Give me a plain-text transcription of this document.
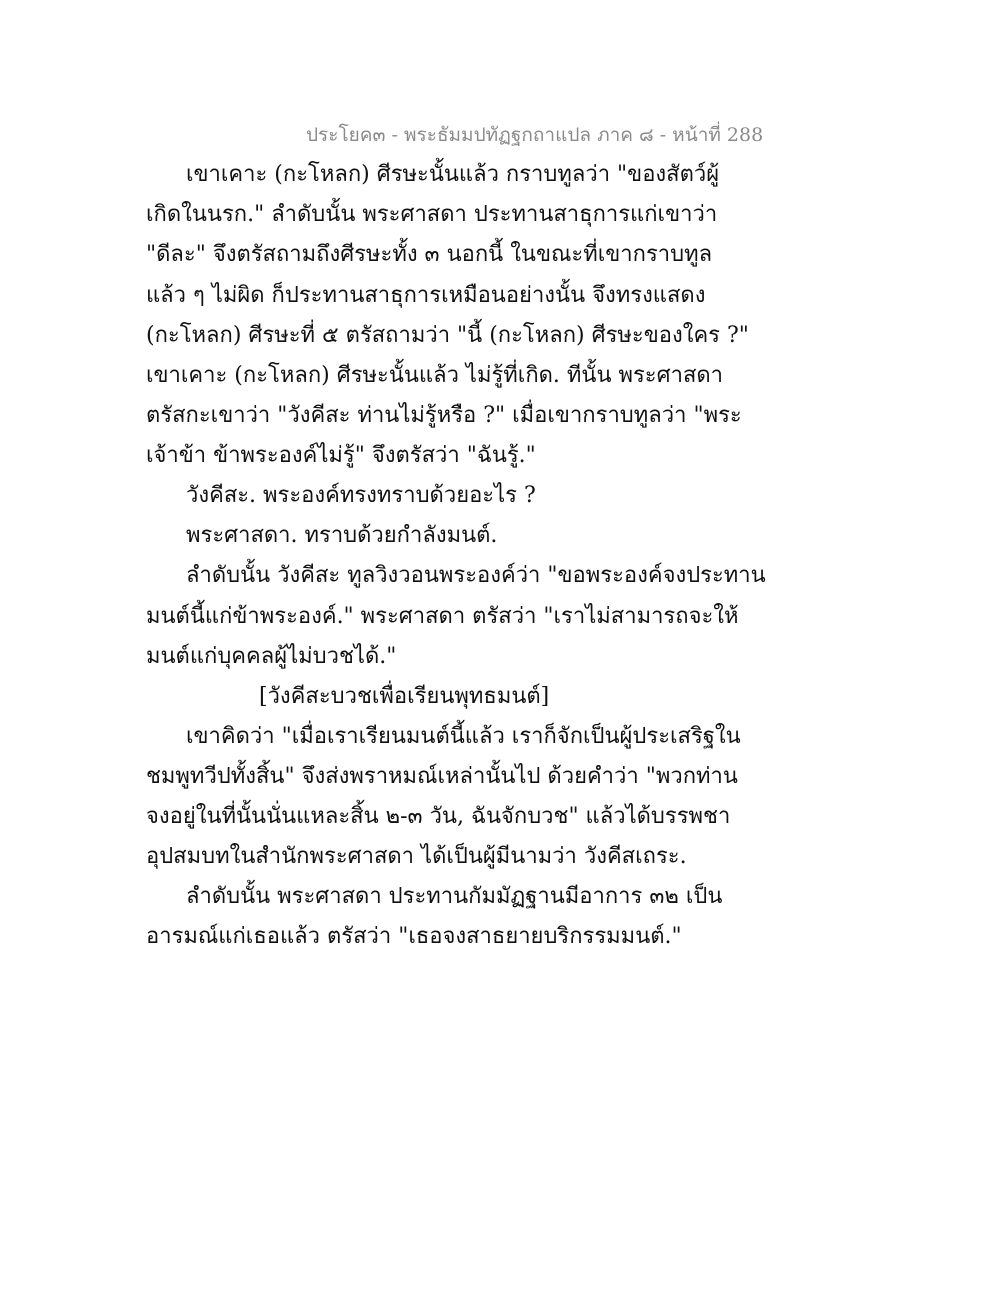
ประโยค๓ - พระธัมมปทัฏฐกถาแปล ภาค ๘ - หน้าที่ 288
เขาเคาะ (กะโหลก) ศีรษะนั้นแล้ว กราบทูลว่า "ของสัตว์ผู้
เกิดในนรก." ลำดับนั้น พระศาสดา ประทานสาธุการแก่เขาว่า
"ดีละ" จึงตรัสถามถึงศีรษะทั้ง ๓ นอกนี้ ในขณะที่เขากราบทูล
แล้ว ๆ ไม่ผิด ก็ประทานสาธุการเหมือนอย่างนั้น จึงทรงแสดง
(กะโหลก) ศีรษะที่ ๕ ตรัสถามว่า "นี้ (กะโหลก) ศีรษะของใคร ?"
เขาเคาะ (กะโหลก) ศีรษะนั้นแล้ว ไม่รู้ที่เกิด. ทีนั้น พระศาสดา
ตรัสกะเขาว่า "วังคีสะ ท่านไม่รู้หรือ ?" เมื่อเขากราบทูลว่า "พระ
เจ้าข้า ข้าพระองค์ไม่รู้" จึงตรัสว่า "ฉันรู้."
วังคีสะ. พระองค์ทรงทราบด้วยอะไร ?
พระศาสดา. ทราบด้วยกำลังมนต์.
ลำดับนั้น วังคีสะ ทูลวิงวอนพระองค์ว่า "ขอพระองค์จงประทาน
มนต์นี้แก่ข้าพระองค์." พระศาสดา ตรัสว่า "เราไม่สามารถจะให้
มนต์แก่บุคคลผู้ไม่บวชได้."
[วังคีสะบวชเพื่อเรียนพุทธมนต์]
เขาคิดว่า "เมื่อเราเรียนมนต์นี้แล้ว เราก็จักเป็นผู้ประเสริฐใน
ชมพูทวีปทั้งสิ้น" จึงส่งพราหมณ์เหล่านั้นไป ด้วยคำว่า "พวกท่าน
จงอยู่ในที่นั้นนั่นแหละสิ้น ๒-๓ วัน, ฉันจักบวช" แล้วได้บรรพชา
อุปสมบทในสำนักพระศาสดา ได้เป็นผู้มีนามว่า วังคีสเถระ.
ลำดับนั้น พระศาสดา ประทานกัมมัฏฐานมีอาการ ๓๒ เป็น
อารมณ์แก่เธอแล้ว ตรัสว่า "เธอจงสาธยายบริกรรมมนต์."
